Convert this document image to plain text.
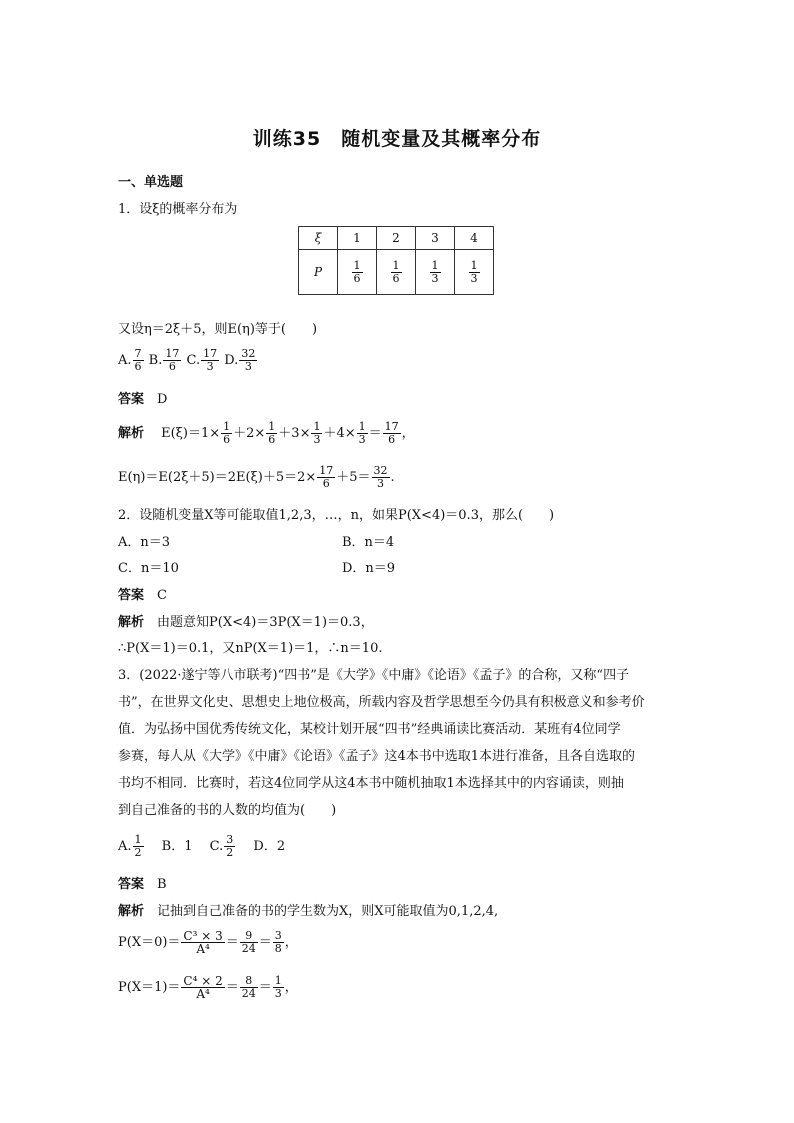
训练35　随机变量及其概率分布
一、单选题
1．设ξ的概率分布为
ξ	1	2	3	4
P	$\frac{1}{6}$	$\frac{1}{6}$	$\frac{1}{3}$	$\frac{1}{3}$
又设η＝2ξ＋5，则E(η)等于(　　)
A. $\frac{7}{6} B$. $\frac{17}{6} C$. $\frac{17}{3} D$. $\frac{32}{3}$
答案　 D
解析　 $E(\xi)=1\times \frac{1}{6} +2\times \frac{1}{6} +3\times \frac{1}{3} +4\times \frac{1}{3} = \frac{17}{6}$ ，
$E(\eta)=E(2\xi+5)=2E(\xi)+5=2\times \frac{17}{6} +5= \frac{32}{3}$ .
2．设随机变量X等可能取值1,2,3，…，n，如果P(X<4)＝0.3，那么(　　)
A．n＝3	B．n＝4
C．n＝10	D．n＝9
答案　 C
解析　 由题意知P(X<4)＝3P(X＝1)＝0.3，
∴P(X＝1)＝0.1，又nP(X＝1)＝1，∴n＝10.
3．(2022·遂宁等八市联考)“四书”是《大学》《中庸》《论语》《孟子》的合称，又称“四子
书”，在世界文化史、思想史上地位极高，所载内容及哲学思想至今仍具有积极意义和参考价
值．为弘扬中国优秀传统文化，某校计划开展“四书”经典诵读比赛活动．某班有4位同学
参赛，每人从《大学》《中庸》《论语》《孟子》这4本书中选取1本进行准备，且各自选取的
书均不相同．比赛时，若这4位同学从这4本书中随机抽取1本选择其中的内容诵读，则抽
到自己准备的书的人数的均值为(　　)
A. $\frac{1}{2}$
　 B．1 　 C. $\frac{3}{2}$
　 D．2
答案　 B
解析　 记抽到自己准备的书的学生数为X，则X可能取值为0,1,2,4,
$P(X=0)= \frac{\text{C³ × 3}}{\text{A⁴}} = \frac{9}{24} = \frac{3}{8}$ ，
$P(X=1)= \frac{\text{C⁴ × 2}}{\text{A⁴}} = \frac{8}{24} = \frac{1}{3}$ ，
